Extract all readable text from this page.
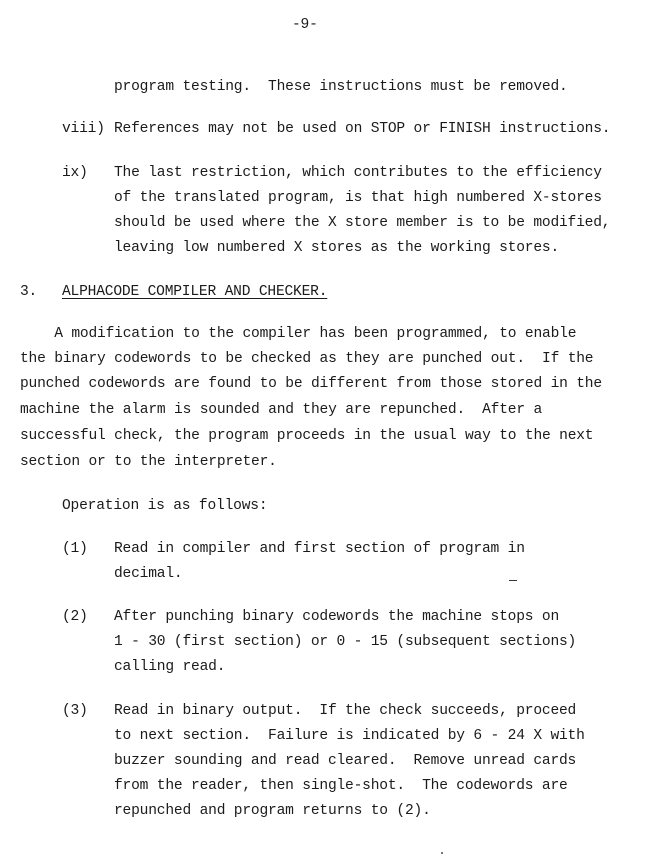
-9-
program testing.  These instructions must be removed.
viii) References may not be used on STOP or FINISH instructions.
ix) The last restriction, which contributes to the efficiency
of the translated program, is that high numbered X-stores
should be used where the X store member is to be modified,
leaving low numbered X stores as the working stores.
3. ALPHACODE COMPILER AND CHECKER.
A modification to the compiler has been programmed, to enable
the binary codewords to be checked as they are punched out.  If the
punched codewords are found to be different from those stored in the
machine the alarm is sounded and they are repunched.  After a
successful check, the program proceeds in the usual way to the next
section or to the interpreter.
Operation is as follows:
(1) Read in compiler and first section of program in
decimal.
(2) After punching binary codewords the machine stops on
1 - 30 (first section) or 0 - 15 (subsequent sections)
calling read.
(3) Read in binary output.  If the check succeeds, proceed
to next section.  Failure is indicated by 6 - 24 X with
buzzer sounding and read cleared.  Remove unread cards
from the reader, then single-shot.  The codewords are
repunched and program returns to (2).
